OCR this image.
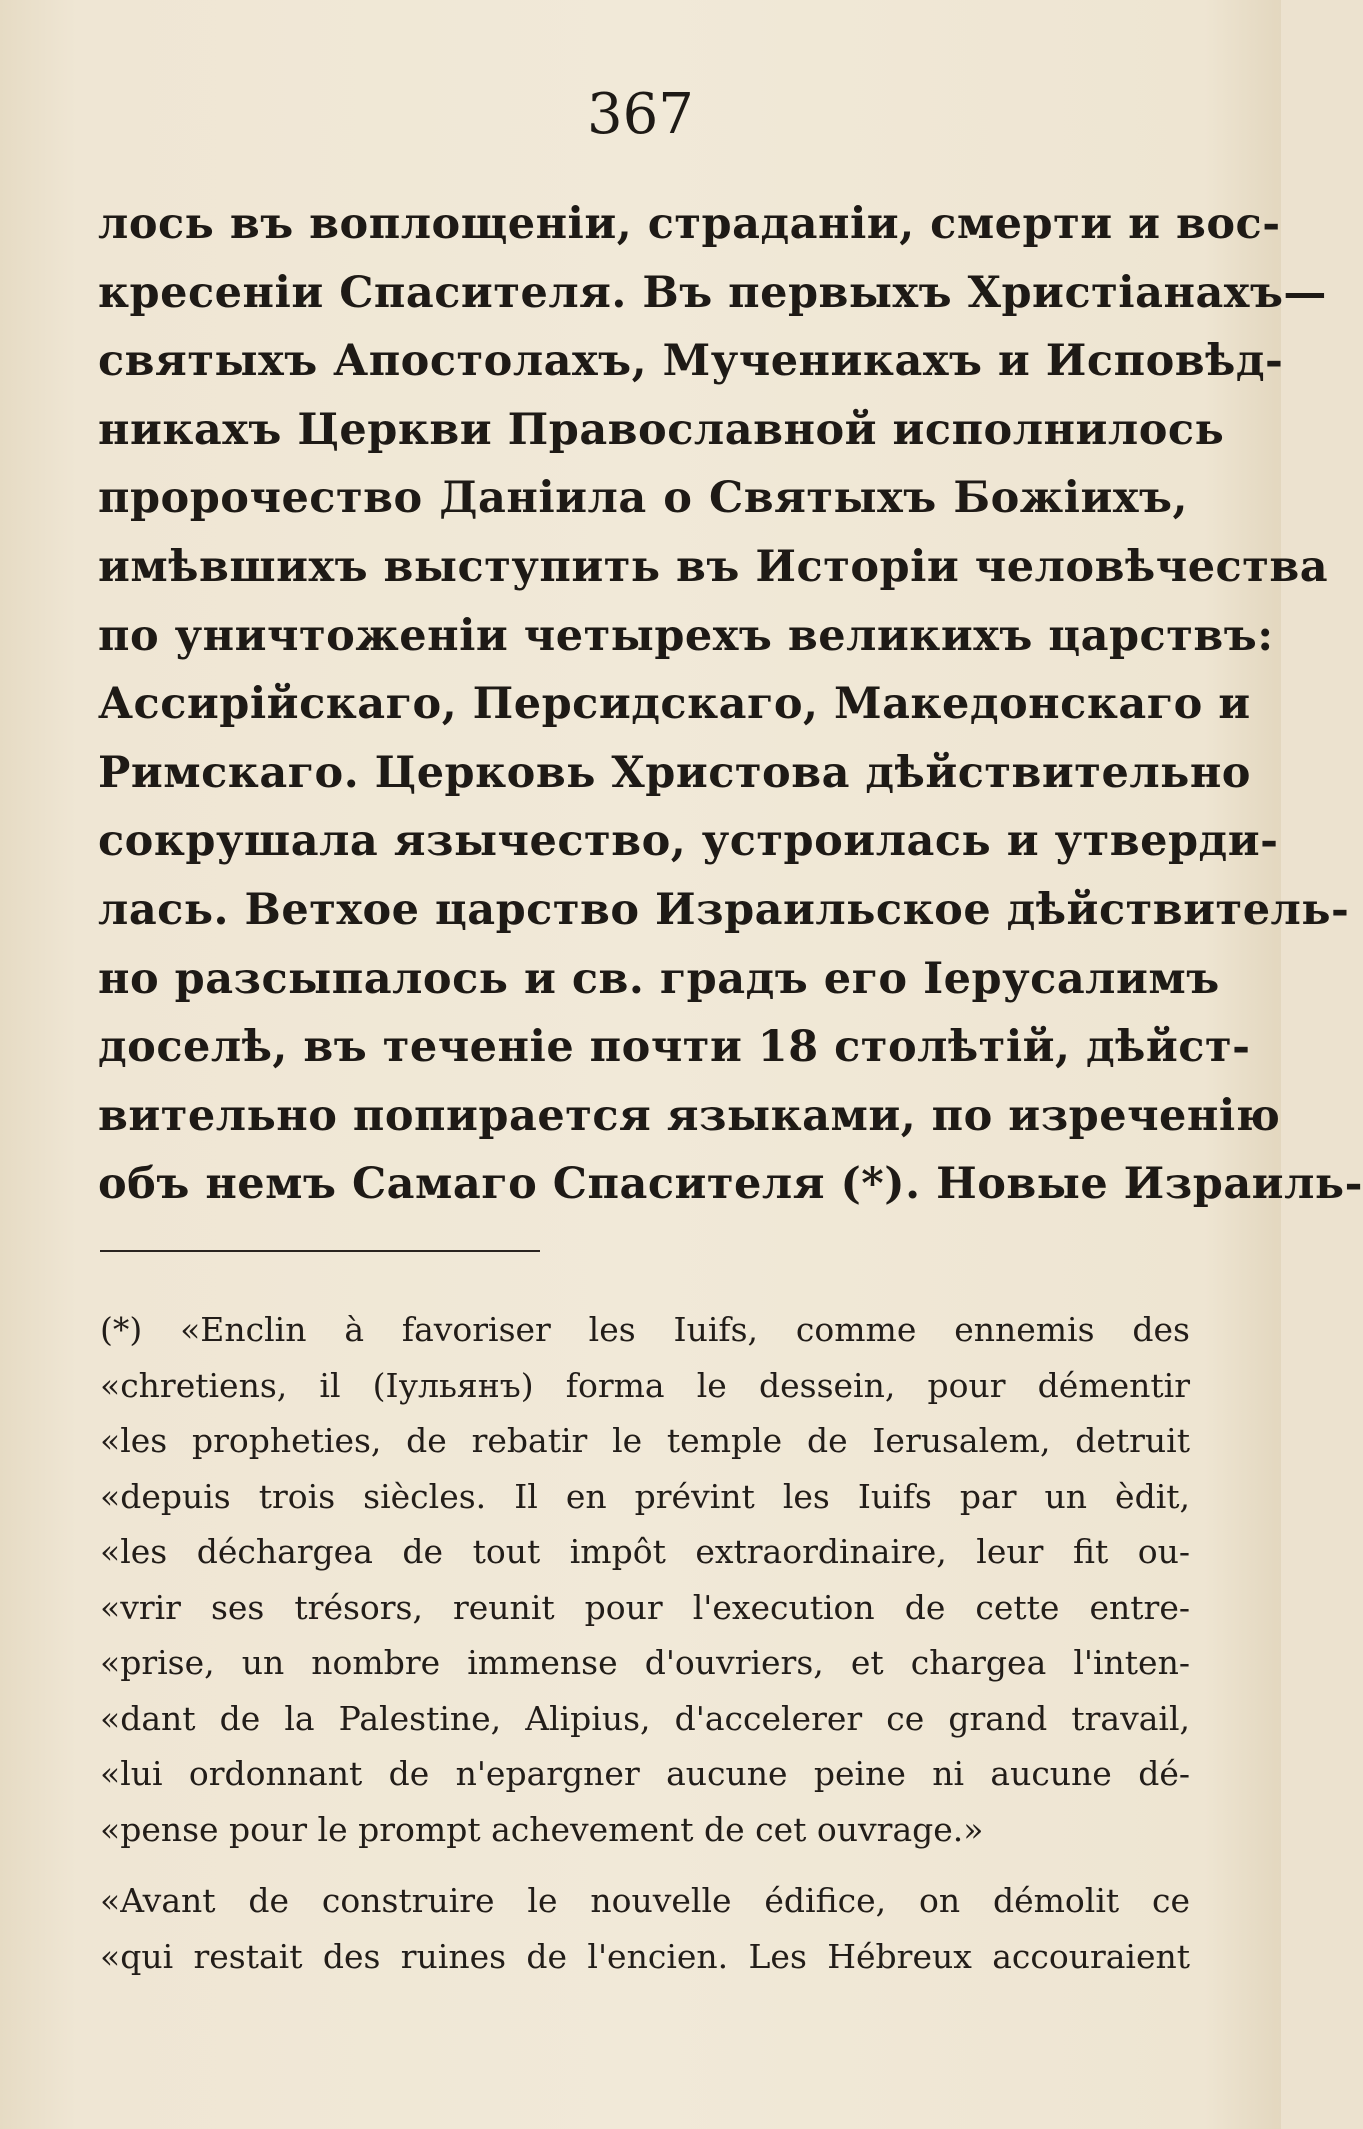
367
лось въ воплощеніи, страданіи, смерти и вос-
кресеніи Спасителя. Въ первыхъ Христіанахъ—
святыхъ Апостолахъ, Мученикахъ и Исповѣд-
никахъ Церкви Православной исполнилось
пророчество Даніила о Святыхъ Божіихъ,
имѣвшихъ выступить въ Исторіи человѣчества
по уничтоженіи четырехъ великихъ царствъ:
Ассирійскаго, Персидскаго, Македонскаго и
Римскаго. Церковь Христова дѣйствительно
сокрушала язычество, устроилась и утверди-
лась. Ветхое царство Израильское дѣйствитель-
но разсыпалось и св. градъ его Іерусалимъ
доселѣ, въ теченіе почти 18 столѣтій, дѣйст-
вительно попирается языками, по изреченію
объ немъ Самаго Спасителя (*). Новые Израиль-
(*) «Enclin à favoriser les Iuifs, comme ennemis des
«chretiens, il (Іульянъ) forma le dessein, pour démentir
«les propheties, de rebatir le temple de Ierusalem, detruit
«depuis trois siècles. Il en prévint les Iuifs par un èdit,
«les déchargea de tout impôt extraordinaire, leur fit ou-
«vrir ses trésors, reunit pour l'execution de cette entre-
«prise, un nombre immense d'ouvriers, et chargea l'inten-
«dant de la Palestine, Alipius, d'accelerer ce grand travail,
«lui ordonnant de n'epargner aucune peine ni aucune dé-
«pense pour le prompt achevement de cet ouvrage.»
«Avant de construire le nouvelle édifice, on démolit ce
«qui restait des ruines de l'encien. Les Hébreux accouraient
